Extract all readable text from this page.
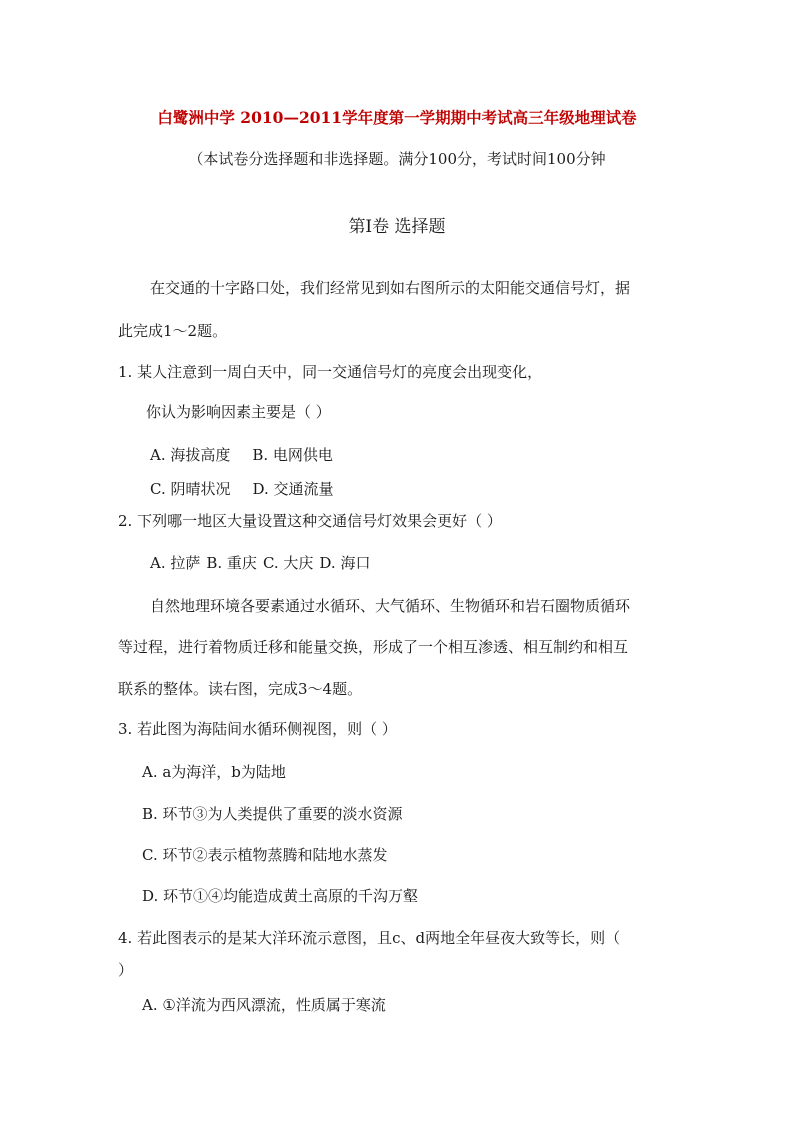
白鹭洲中学 2010—2011学年度第一学期期中考试高三年级地理试卷
（本试卷分选择题和非选择题。满分100分，考试时间100分钟
第I卷 选择题
在交通的十字路口处，我们经常见到如右图所示的太阳能交通信号灯，据
此完成1～2题。
1. 某人注意到一周白天中，同一交通信号灯的亮度会出现变化，
你认为影响因素主要是（ ）
A. 海拔高度 B. 电网供电
C. 阴晴状况 D. 交通流量
2. 下列哪一地区大量设置这种交通信号灯效果会更好（ ）
A. 拉萨 B. 重庆 C. 大庆 D. 海口
自然地理环境各要素通过水循环、大气循环、生物循环和岩石圈物质循环
等过程，进行着物质迁移和能量交换，形成了一个相互渗透、相互制约和相互
联系的整体。读右图，完成3～4题。
3. 若此图为海陆间水循环侧视图，则（ ）
A. a为海洋，b为陆地
B. 环节③为人类提供了重要的淡水资源
C. 环节②表示植物蒸腾和陆地水蒸发
D. 环节①④均能造成黄土高原的千沟万壑
4. 若此图表示的是某大洋环流示意图，且c、d两地全年昼夜大致等长，则（
）
A. ①洋流为西风漂流，性质属于寒流
